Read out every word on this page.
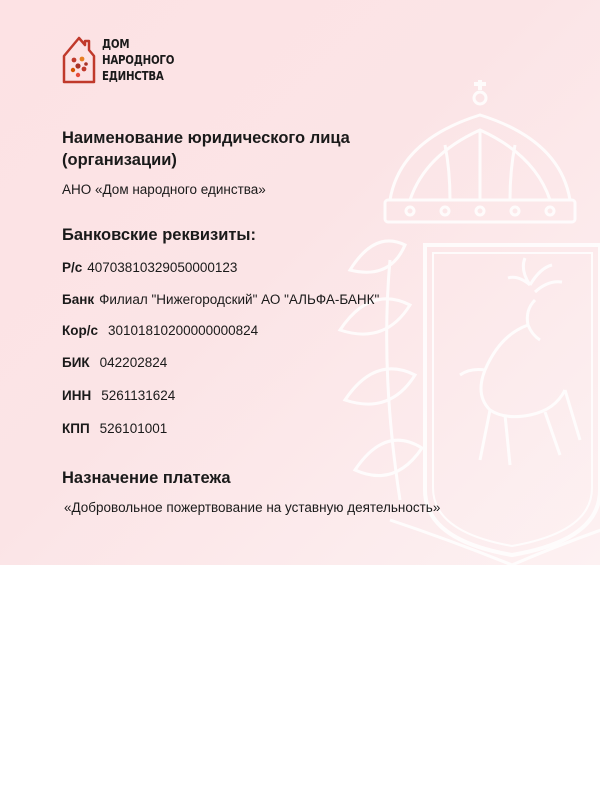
ДОМ
НАРОДНОГО
ЕДИНСТВА
Наименование юридического лица
(организации)
АНО «Дом народного единства»
Банковские реквизиты:
Р/с 40703810329050000123
Банк Филиал "Нижегородский" АО "АЛЬФА-БАНК"
Кор/с 30101810200000000824
БИК 042202824
ИНН 5261131624
КПП 526101001
Назначение платежа
«Добровольное пожертвование на уставную деятельность»
